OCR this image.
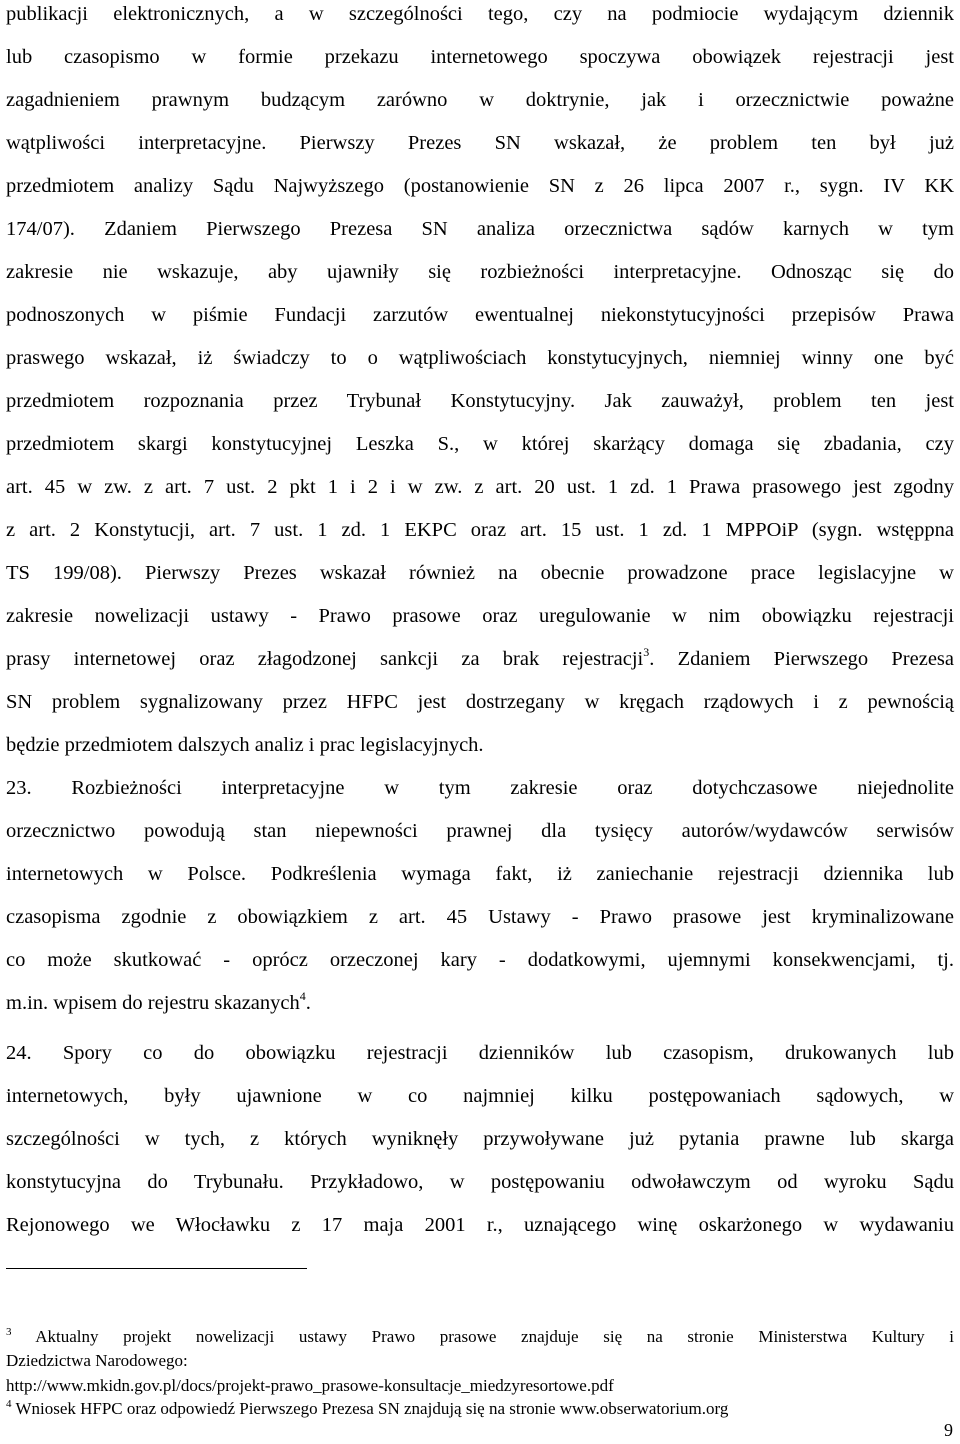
publikacji elektronicznych, a w szczególności tego, czy na podmiocie wydającym dziennik
lub czasopismo w formie przekazu internetowego spoczywa obowiązek rejestracji jest
zagadnieniem prawnym budzącym zarówno w doktrynie, jak i orzecznictwie poważne
wątpliwości interpretacyjne. Pierwszy Prezes SN wskazał, że problem ten był już
przedmiotem analizy Sądu Najwyższego (postanowienie SN z 26 lipca 2007 r., sygn. IV KK
174/07). Zdaniem Pierwszego Prezesa SN analiza orzecznictwa sądów karnych w tym
zakresie nie wskazuje, aby ujawniły się rozbieżności interpretacyjne. Odnosząc się do
podnoszonych w piśmie Fundacji zarzutów ewentualnej niekonstytucyjności przepisów Prawa
praswego wskazał, iż świadczy to o wątpliwościach konstytucyjnych, niemniej winny one być
przedmiotem rozpoznania przez Trybunał Konstytucyjny. Jak zauważył, problem ten jest
przedmiotem skargi konstytucyjnej Leszka S., w której skarżący domaga się zbadania, czy
art. 45 w zw. z art. 7 ust. 2 pkt 1 i 2 i w zw. z art. 20 ust. 1 zd. 1 Prawa prasowego jest zgodny
z art. 2 Konstytucji, art. 7 ust. 1 zd. 1 EKPC oraz art. 15 ust. 1 zd. 1 MPPOiP (sygn. wstęppna
TS 199/08). Pierwszy Prezes wskazał również na obecnie prowadzone prace legislacyjne w
zakresie nowelizacji ustawy - Prawo prasowe oraz uregulowanie w nim obowiązku rejestracji
prasy internetowej oraz złagodzonej sankcji za brak rejestracji$^3$. Zdaniem Pierwszego Prezesa
SN problem sygnalizowany przez HFPC jest dostrzegany w kręgach rządowych i z pewnością
będzie przedmiotem dalszych analiz i prac legislacyjnych.
23. Rozbieżności interpretacyjne w tym zakresie oraz dotychczasowe niejednolite
orzecznictwo powodują stan niepewności prawnej dla tysięcy autorów/wydawców serwisów
internetowych w Polsce. Podkreślenia wymaga fakt, iż zaniechanie rejestracji dziennika lub
czasopisma zgodnie z obowiązkiem z art. 45 Ustawy - Prawo prasowe jest kryminalizowane
co może skutkować - oprócz orzeczonej kary - dodatkowymi, ujemnymi konsekwencjami, tj.
m.in. wpisem do rejestru skazanych$^4$.
24. Spory co do obowiązku rejestracji dzienników lub czasopism, drukowanych lub
internetowych, były ujawnione w co najmniej kilku postępowaniach sądowych, w
szczególności w tych, z których wyniknęły przywoływane już pytania prawne lub skarga
konstytucyjna do Trybunału. Przykładowo, w postępowaniu odwoławczym od wyroku Sądu
Rejonowego we Włocławku z 17 maja 2001 r., uznającego winę oskarżonego w wydawaniu
$^3$ Aktualny projekt nowelizacji ustawy Prawo prasowe znajduje się na stronie Ministerstwa Kultury i
Dziedzictwa Narodowego:
http://www.mkidn.gov.pl/docs/projekt-prawo_prasowe-konsultacje_miedzyresortowe.pdf
$^4$ Wniosek HFPC oraz odpowiedź Pierwszego Prezesa SN znajdują się na stronie www.obserwatorium.org
9
